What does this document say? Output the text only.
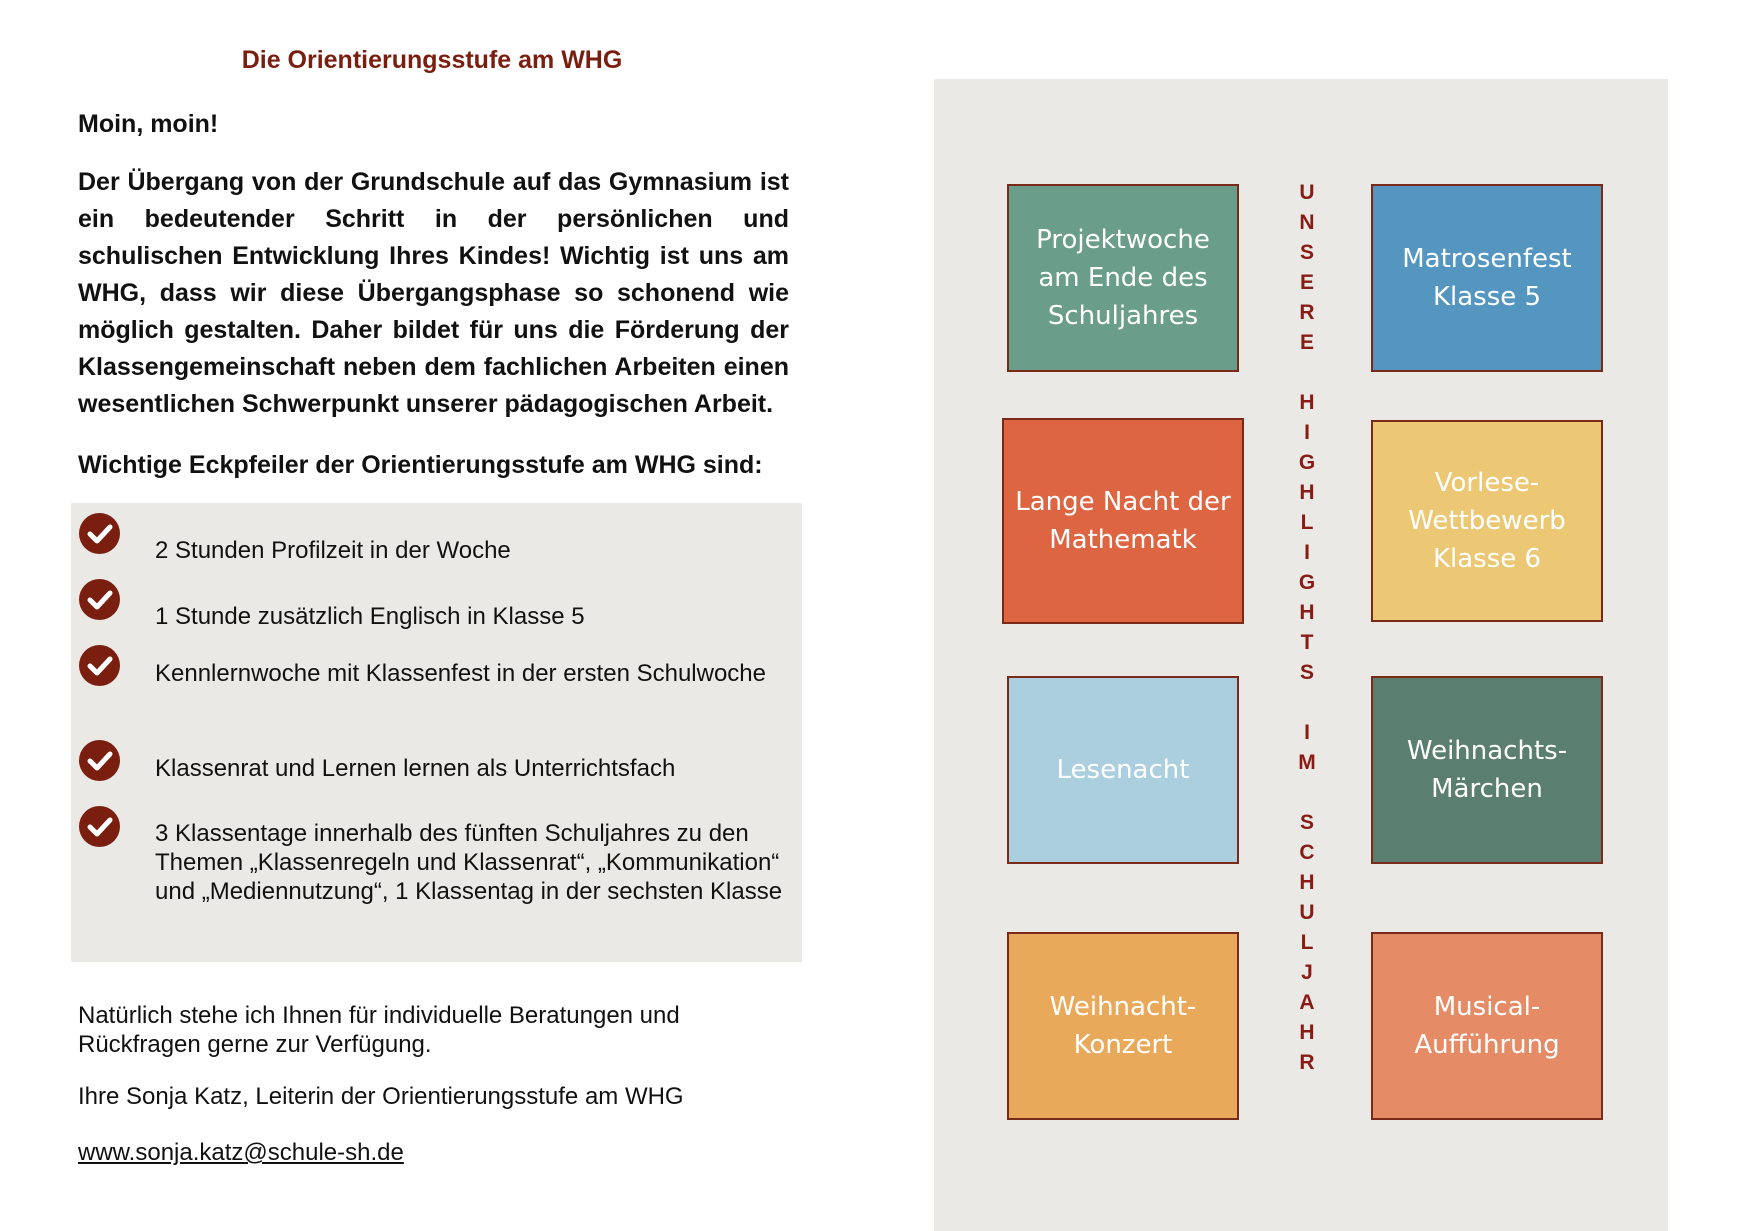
Die Orientierungsstufe am WHG
Moin, moin!
Der Übergang von der Grundschule auf das Gymnasium ist ein bedeutender Schritt in der persönlichen und schulischen Entwicklung Ihres Kindes! Wichtig ist uns am WHG, dass wir diese Übergangsphase so schonend wie möglich gestalten. Daher bildet für uns die Förderung der Klassengemeinschaft neben dem fachlichen Arbeiten einen wesentlichen Schwerpunkt unserer pädagogischen Arbeit.
Wichtige Eckpfeiler der Orientierungsstufe am WHG sind:
2 Stunden Profilzeit in der Woche
1 Stunde zusätzlich Englisch in Klasse 5
Kennlernwoche mit Klassenfest in der ersten Schulwoche
Klassenrat und Lernen lernen als Unterrichtsfach
3 Klassentage innerhalb des fünften Schuljahres zu den Themen „Klassenregeln und Klassenrat“, „Kommunikation“ und „Mediennutzung“, 1 Klassentag in der sechsten Klasse
Natürlich stehe ich Ihnen für individuelle Beratungen und Rückfragen gerne zur Verfügung.
Ihre Sonja Katz, Leiterin der Orientierungsstufe am WHG
www.sonja.katz@schule-sh.de
Projektwoche am Ende des Schuljahres
Matrosenfest Klasse 5
Lange Nacht der Mathematk
Vorlese-Wettbewerb Klasse 6
Lesenacht
Weihnachts-Märchen
Weihnacht-Konzert
Musical-Aufführung
U
N
S
E
R
E

H
I
G
H
L
I
G
H
T
S

I
M

S
C
H
U
L
J
A
H
R
